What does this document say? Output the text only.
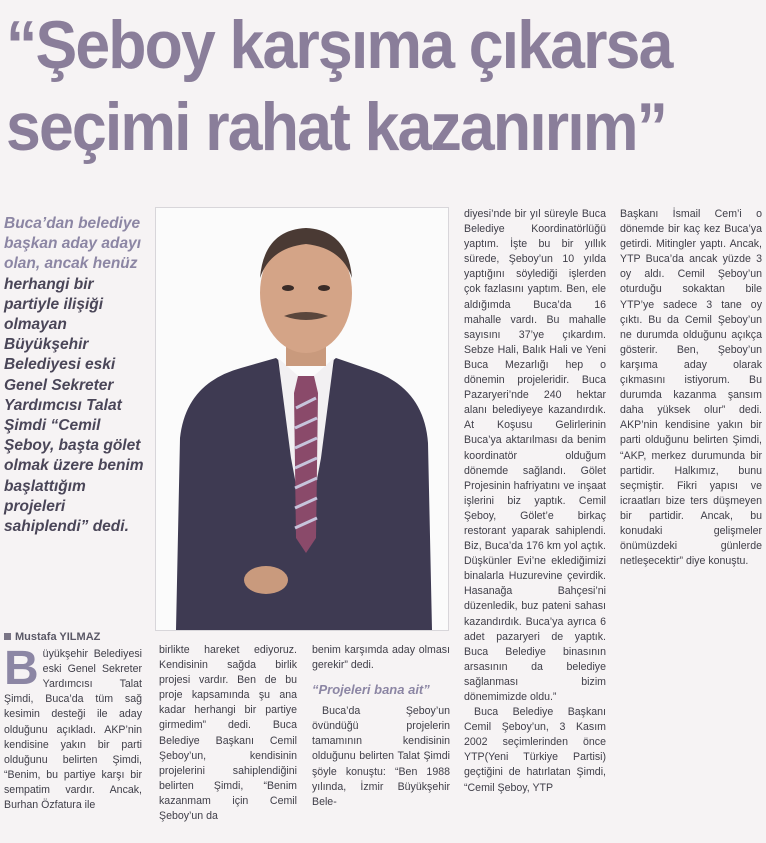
“Şeboy karşıma çıkarsa
seçimi rahat kazanırım”
Buca’dan belediye başkan aday adayı olan, ancak henüz herhangi bir partiyle ilişiği olmayan Büyükşehir Belediyesi eski Genel Sekreter Yardımcısı Talat Şimdi “Cemil Şeboy, başta gölet olmak üzere benim başlattığım projeleri sahiplendi” dedi.
Mustafa YILMAZ
B üyükşehir Belediyesi eski Genel Sekreter Yardımcısı Talat Şimdi, Buca’da tüm sağ kesimin desteği ile aday olduğunu açıkladı. AKP’nin kendisine yakın bir parti olduğunu belirten Şimdi, “Benim, bu partiye karşı bir sempatim vardır. Ancak, Burhan Özfatura ile

birlikte hareket ediyoruz. Kendisinin sağda birlik projesi vardır. Ben de bu proje kapsamında şu ana kadar herhangi bir partiye girmedim” dedi. Buca Belediye Başkanı Cemil Şeboy’un, kendisinin projelerini sahiplendiğini belirten Şimdi, “Benim kazanmam için Cemil Şeboy’un da

benim karşımda aday olması gerekir” dedi.

“Projeleri bana ait”

Buca’da Şeboy’un övündüğü projelerin tamamının kendisinin olduğunu belirten Talat Şimdi şöyle konuştu: “Ben 1988 yılında, İzmir Büyükşehir Bele-

diyesi’nde bir yıl süreyle Buca Belediye Koordinatörlüğü yaptım. İşte bu bir yıllık sürede, Şeboy’un 10 yılda yaptığını söylediği işlerden çok fazlasını yaptım. Ben, ele aldığımda Buca’da 16 mahalle vardı. Bu mahalle sayısını 37’ye çıkardım. Sebze Hali, Balık Hali ve Yeni Buca Mezarlığı hep o dönemin projeleridir. Buca Pazaryeri’nde 240 hektar alanı belediyeye kazandırdık. At Koşusu Gelirlerinin Buca’ya aktarılması da benim koordinatör olduğum dönemde sağlandı. Gölet Projesinin hafriyatını ve inşaat işlerini biz yaptık. Cemil Şeboy, Gölet’e birkaç restorant yaparak sahiplendi. Biz, Buca’da 176 km yol açtık. Düşkünler Evi’ne eklediğimizi binalarla Huzurevine çevirdik. Hasanağa Bahçesi’ni düzenledik, buz pateni sahası kazandırdık. Buca’ya ayrıca 6 adet pazaryeri de yaptık. Buca Belediye binasının arsasının da belediye sağlanması bizim dönemimizde oldu.”

Buca Belediye Başkanı Cemil Şeboy’un, 3 Kasım 2002 seçimlerinden önce YTP(Yeni Türkiye Partisi) geçtiğini de hatırlatan Şimdi, “Cemil Şeboy, YTP

Başkanı İsmail Cem’i o dönemde bir kaç kez Buca’ya getirdi. Mitingler yaptı. Ancak, YTP Buca’da ancak yüzde 3 oy aldı. Cemil Şeboy’un oturduğu sokaktan bile YTP’ye sadece 3 tane oy çıktı. Bu da Cemil Şeboy’un ne durumda olduğunu açıkça gösterir. Ben, Şeboy’un karşıma aday olarak çıkmasını istiyorum. Bu durumda kazanma şansım daha yüksek olur” dedi. AKP’nin kendisine yakın bir parti olduğunu belirten Şimdi, “AKP, merkez durumunda bir partidir. Halkımız, bunu seçmiştir. Fikri yapısı ve icraatları bize ters düşmeyen bir partidir. Ancak, bu konudaki gelişmeler önümüzdeki günlerde netleşecektir” diye konuştu.
